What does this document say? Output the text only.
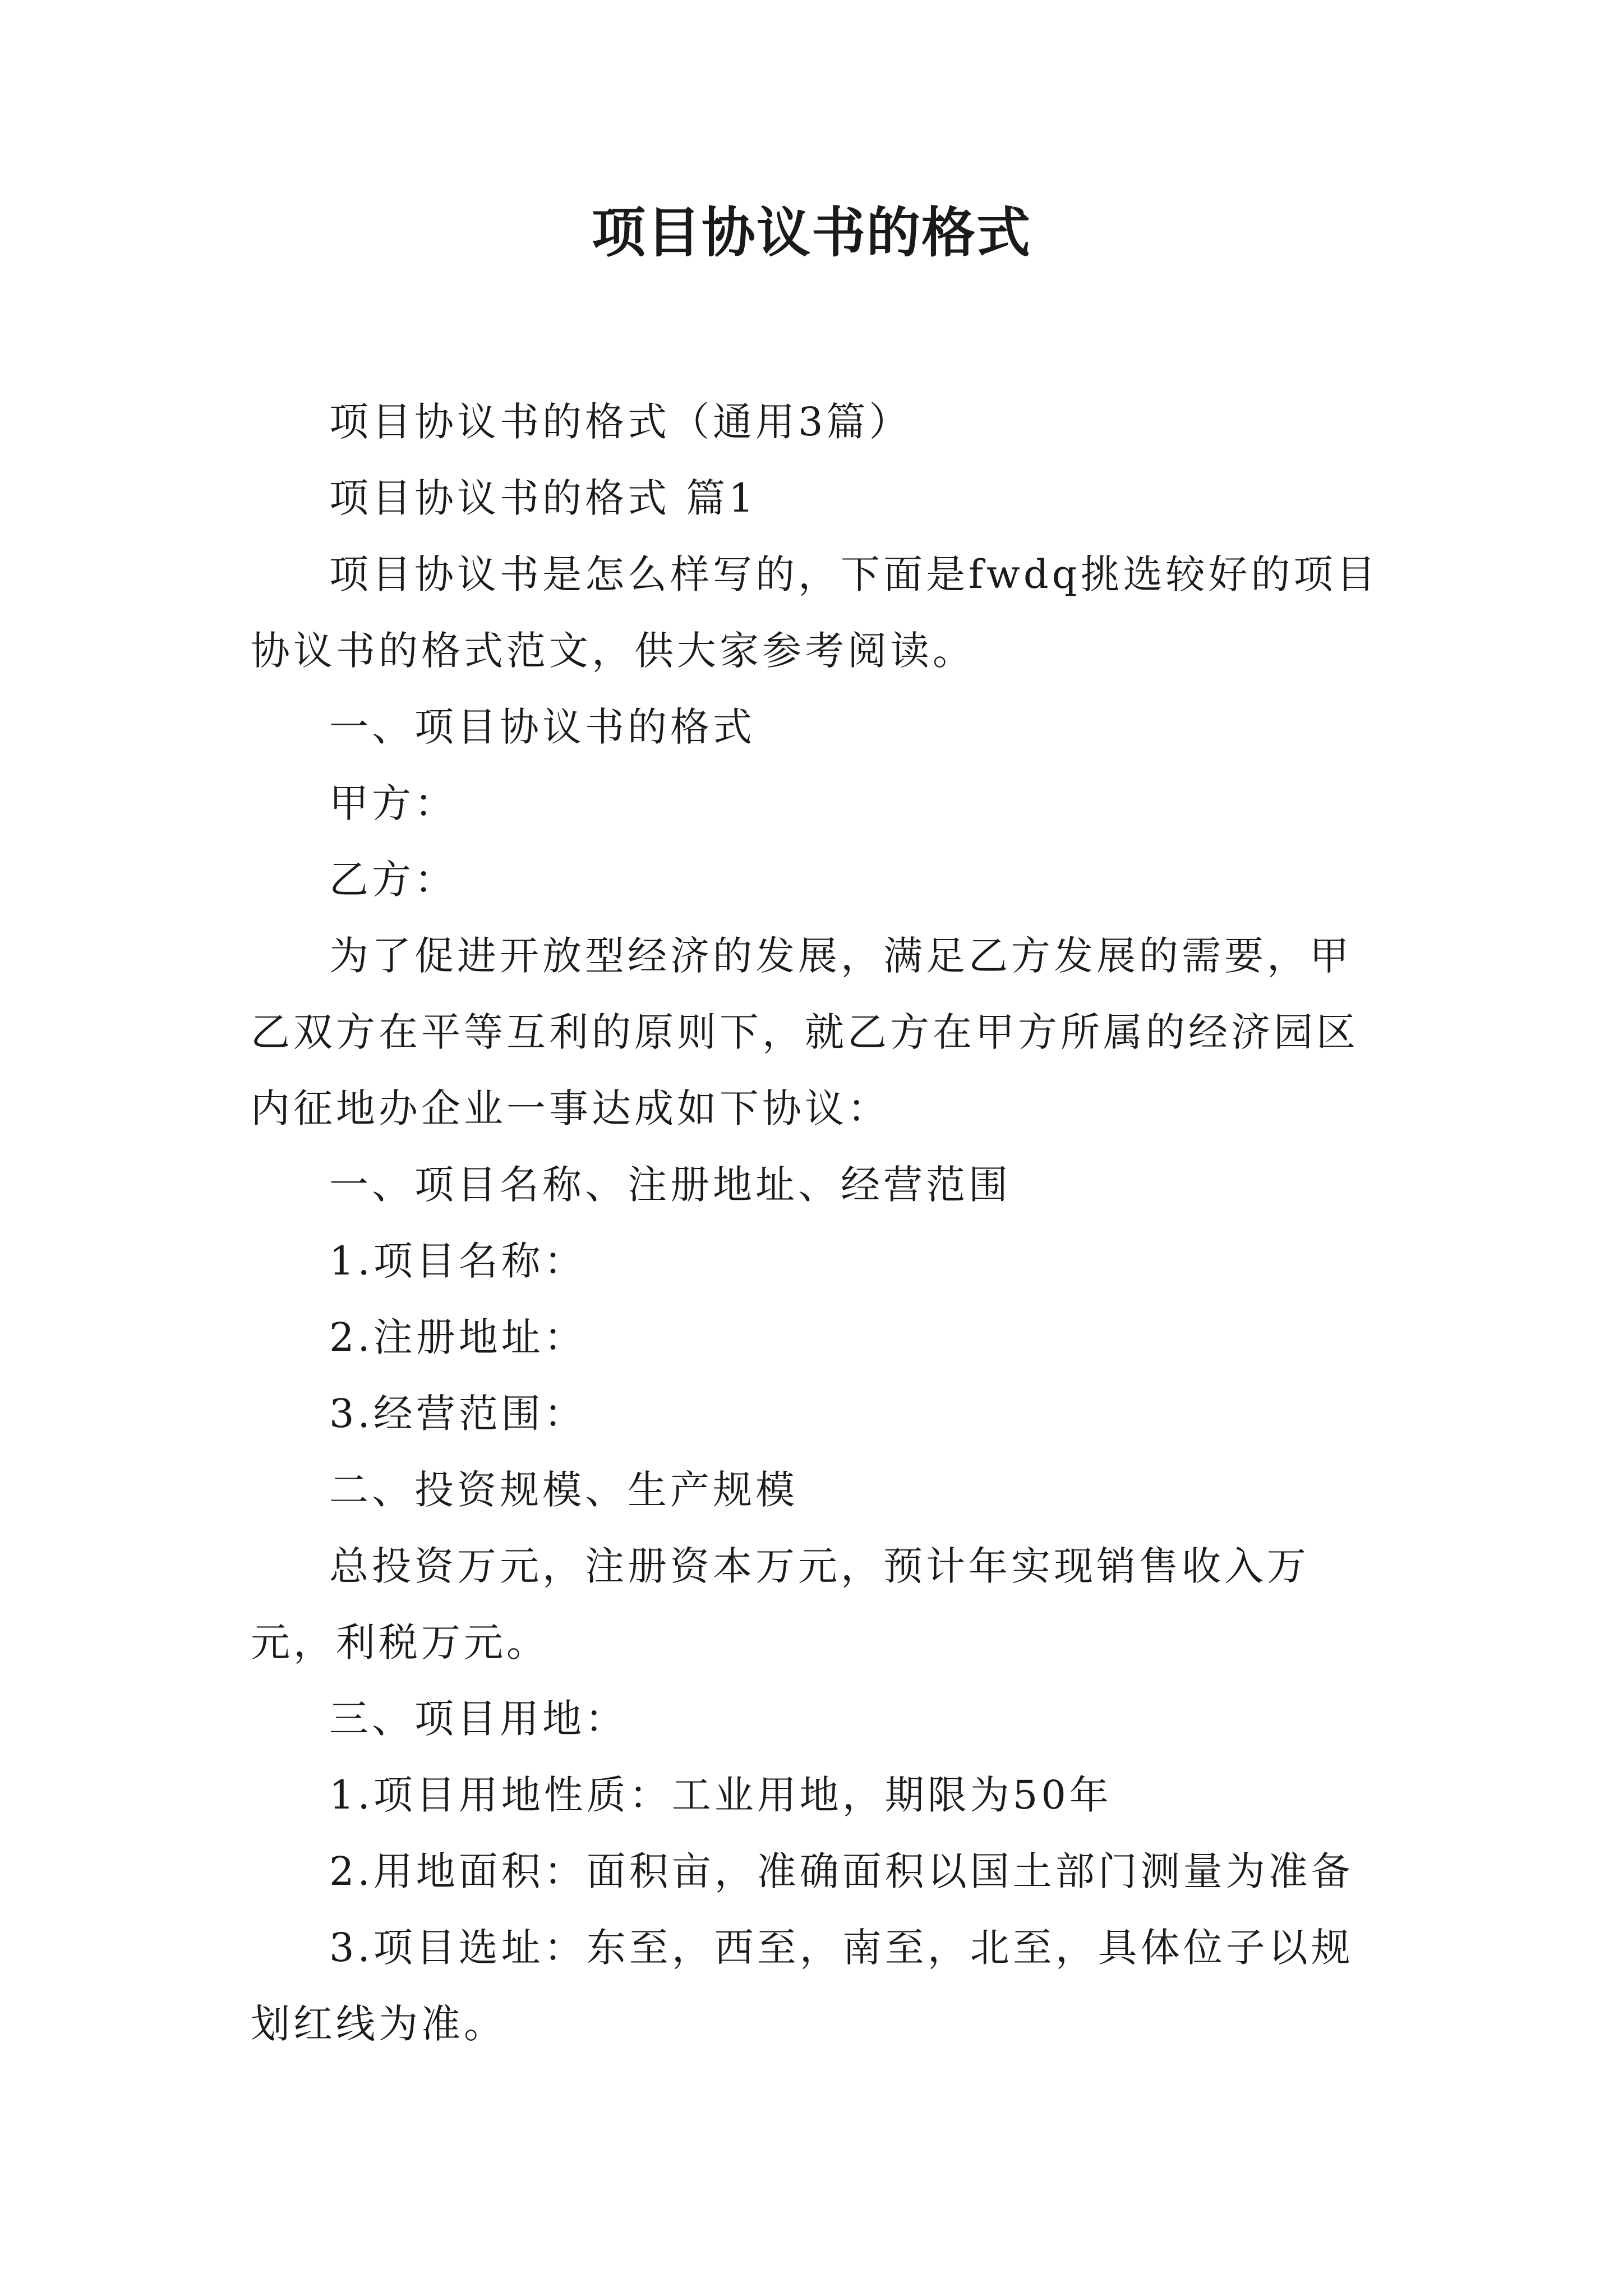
项目协议书的格式

项目协议书的格式（通用3篇）

项目协议书的格式 篇1

项目协议书是怎么样写的，下面是fwdq挑选较好的项目协议书的格式范文，供大家参考阅读。

一、项目协议书的格式

甲方：

乙方：

为了促进开放型经济的发展，满足乙方发展的需要，甲乙双方在平等互利的原则下，就乙方在甲方所属的经济园区内征地办企业一事达成如下协议：

一、项目名称、注册地址、经营范围

1.项目名称：

2.注册地址：

3.经营范围：

二、投资规模、生产规模

总投资万元，注册资本万元，预计年实现销售收入万元，利税万元。

三、项目用地：

1.项目用地性质：工业用地，期限为50年

2.用地面积：面积亩，准确面积以国土部门测量为准备

3.项目选址：东至，西至，南至，北至，具体位子以规划红线为准。
